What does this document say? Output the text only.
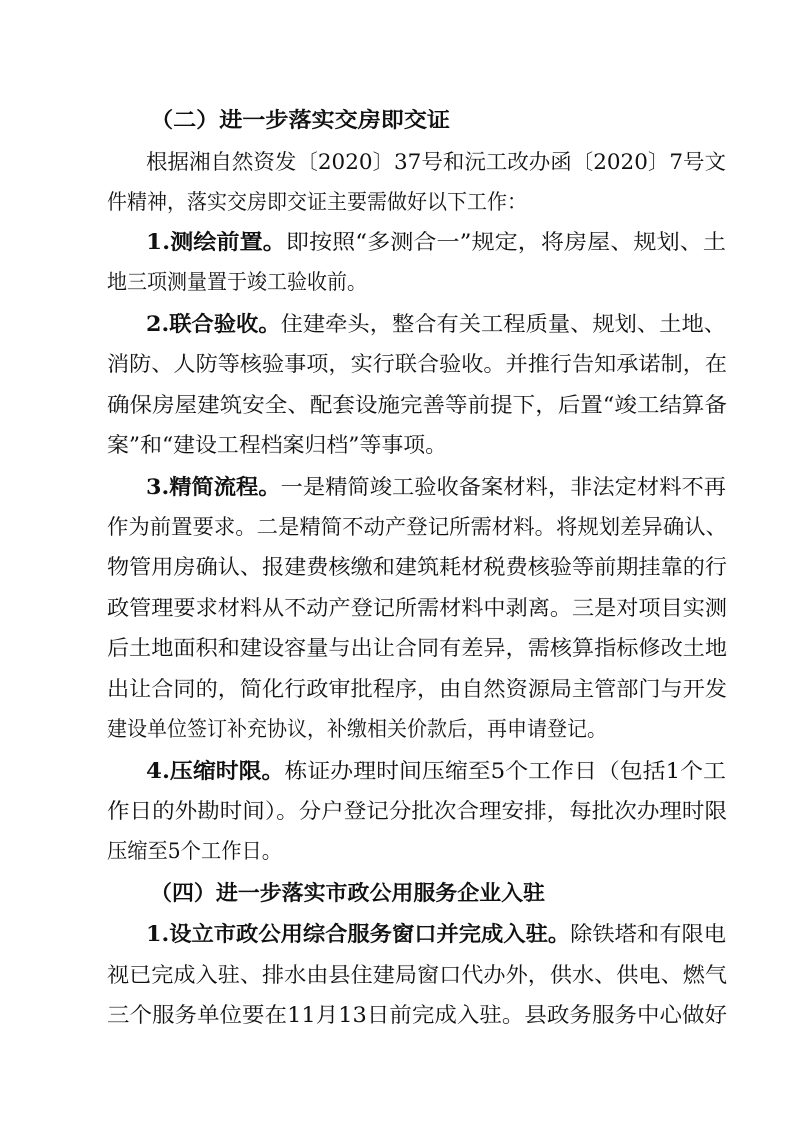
（二）进一步落实交房即交证
根据湘自然资发〔2020〕37号和沅工改办函〔2020〕7号文
件精神，落实交房即交证主要需做好以下工作：
1.测绘前置。即按照“多测合一”规定，将房屋、规划、土
地三项测量置于竣工验收前。
2.联合验收。住建牵头，整合有关工程质量、规划、土地、
消防、人防等核验事项，实行联合验收。并推行告知承诺制，在
确保房屋建筑安全、配套设施完善等前提下，后置“竣工结算备
案”和“建设工程档案归档”等事项。
3.精简流程。一是精简竣工验收备案材料，非法定材料不再
作为前置要求。二是精简不动产登记所需材料。将规划差异确认、
物管用房确认、报建费核缴和建筑耗材税费核验等前期挂靠的行
政管理要求材料从不动产登记所需材料中剥离。三是对项目实测
后土地面积和建设容量与出让合同有差异，需核算指标修改土地
出让合同的，简化行政审批程序，由自然资源局主管部门与开发
建设单位签订补充协议，补缴相关价款后，再申请登记。
4.压缩时限。栋证办理时间压缩至5个工作日（包括1个工
作日的外勘时间）。分户登记分批次合理安排，每批次办理时限
压缩至5个工作日。
（四）进一步落实市政公用服务企业入驻
1.设立市政公用综合服务窗口并完成入驻。除铁塔和有限电
视已完成入驻、排水由县住建局窗口代办外，供水、供电、燃气
三个服务单位要在11月13日前完成入驻。县政务服务中心做好
